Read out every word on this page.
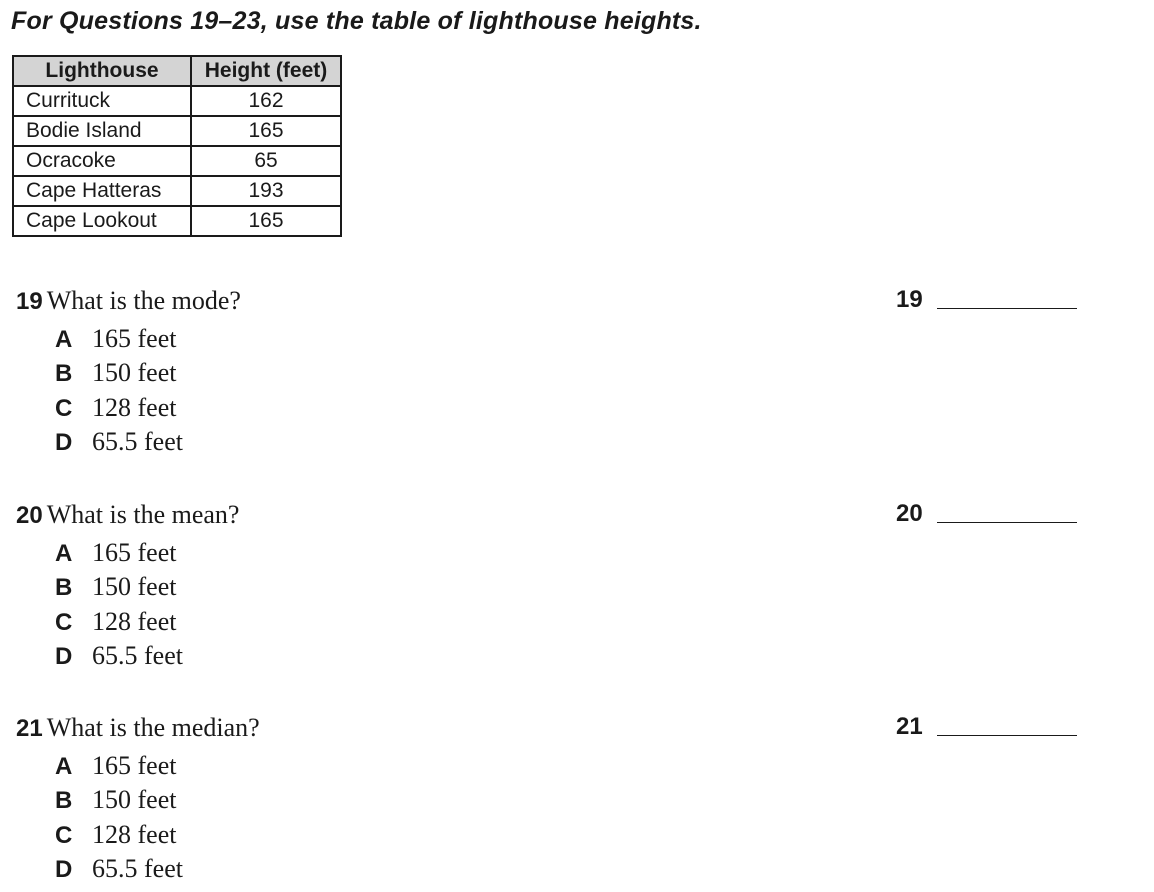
For Questions 19–23, use the table of lighthouse heights.

Lighthouse	Height (feet)
Currituck	162
Bodie Island	165
Ocracoke	65
Cape Hatteras	193
Cape Lookout	165
19 What is the mode?	19
A 165 feet
B 150 feet
C 128 feet
D 65.5 feet
20 What is the mean?	20
A 165 feet
B 150 feet
C 128 feet
D 65.5 feet
21 What is the median?	21
A 165 feet
B 150 feet
C 128 feet
D 65.5 feet
